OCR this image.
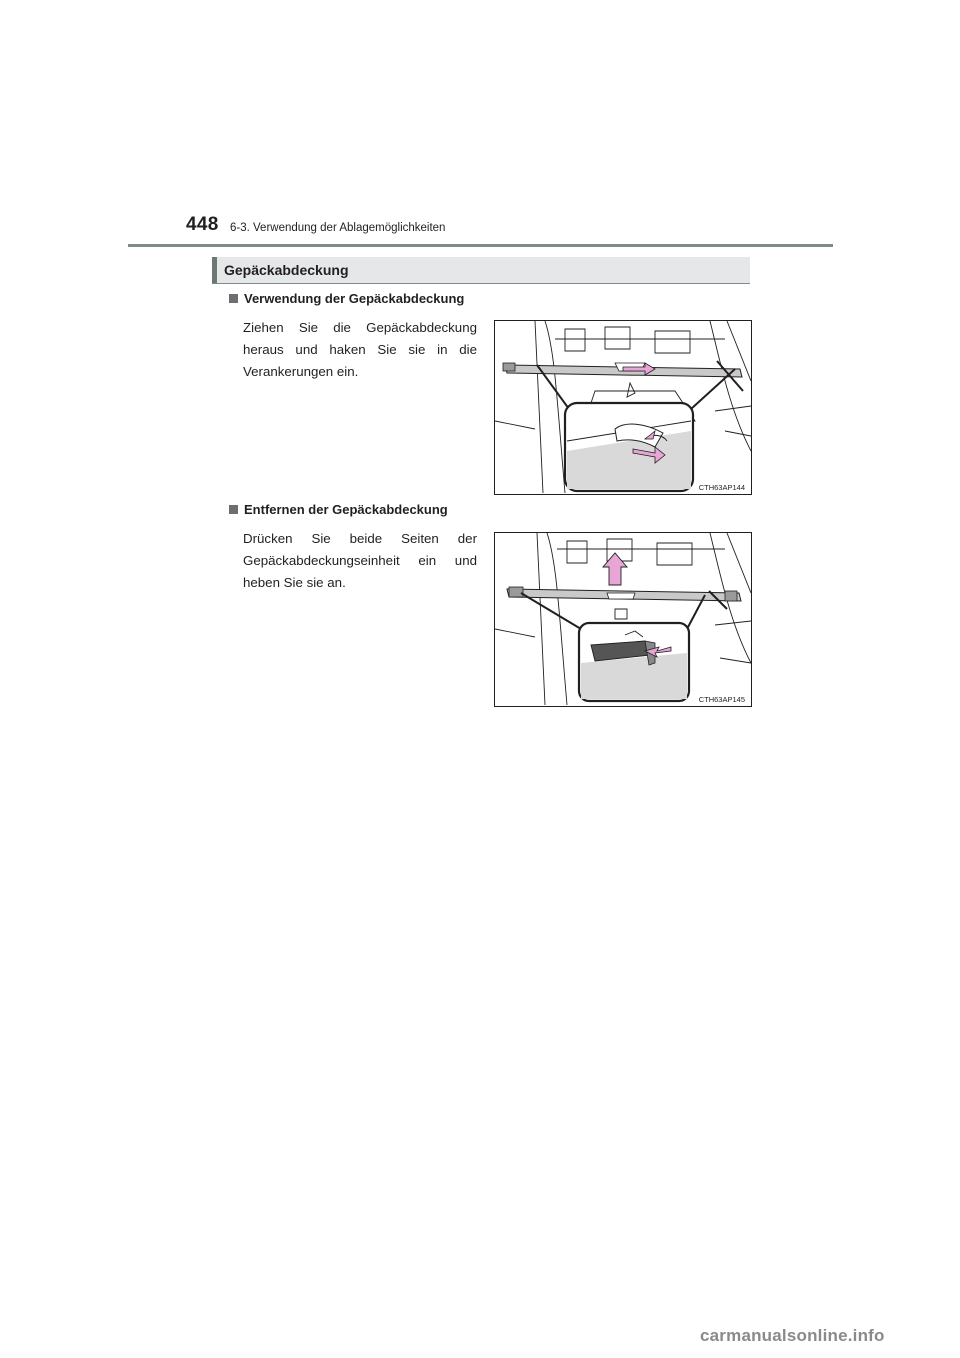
448 6-3. Verwendung der Ablagemöglichkeiten
Gepäckabdeckung
Verwendung der Gepäckabdeckung
Ziehen Sie die Gepäckabdeckung heraus und haken Sie sie in die Verankerungen ein.
CTH63AP144
Entfernen der Gepäckabdeckung
Drücken Sie beide Seiten der Gepäckabdeckungseinheit ein und heben Sie sie an.
CTH63AP145
carmanualsonline.info
